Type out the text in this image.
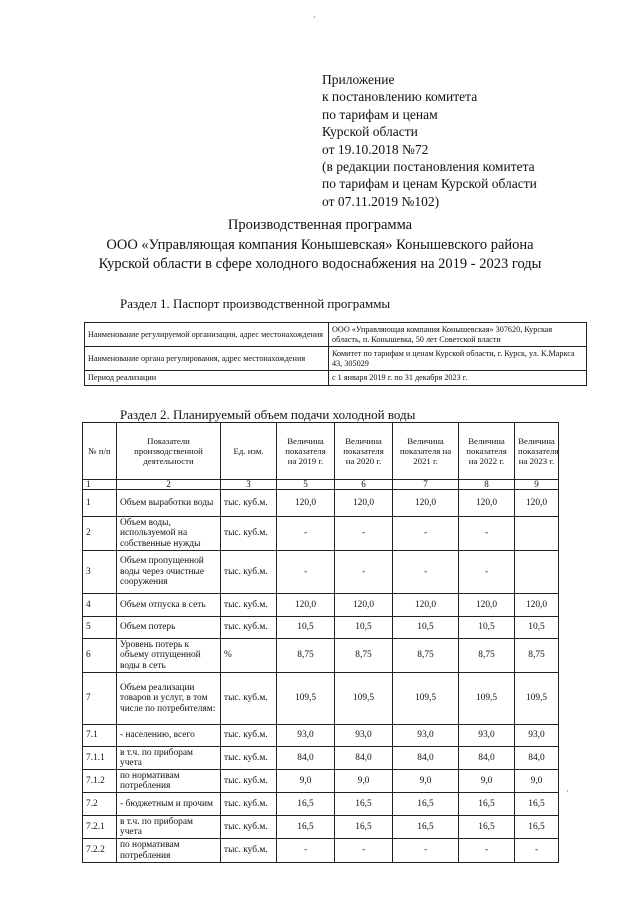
Приложение
к постановлению комитета
по тарифам и ценам
Курской области
от 19.10.2018 №72
(в редакции постановления комитета
по тарифам и ценам Курской области
от 07.11.2019 №102)
Производственная программа
ООО «Управляющая компания Конышевская» Конышевского района
Курской области в сфере холодного водоснабжения на 2019 - 2023 годы
Раздел 1. Паспорт производственной программы
Наименование регулируемой организации, адрес местонахождения	ООО «Управляющая компания Конышевская» 307620, Курская область, п. Конышевка, 50 лет Советской власти
Наименование органа регулирования, адрес местонахождения	Комитет по тарифам и ценам Курской области, г. Курск, ул. К.Маркса 43, 305029
Период реализации	с 1 января 2019 г. по 31 декабря 2023 г.
Раздел 2. Планируемый объем подачи холодной воды
№ п/п	Показатели производственной деятельности	Ед. изм.	Величина показателя на 2019 г.	Величина показателя на 2020 г.	Величина показателя на 2021 г.	Величина показателя на 2022 г.	Величина показателя на 2023 г.
1	2	3	5	6	7	8	9
1	Объем выработки воды	тыс. куб.м.	120,0	120,0	120,0	120,0	120,0
2	Объем воды, используемой на собственные нужды	тыс. куб.м.	-	-	-	-	
3	Объем пропущенной воды через очистные сооружения	тыс. куб.м.	-	-	-	-	
4	Объем отпуска в сеть	тыс. куб.м.	120,0	120,0	120,0	120,0	120,0
5	Объем потерь	тыс. куб.м.	10,5	10,5	10,5	10,5	10,5
6	Уровень потерь к объему отпущенной воды в сеть	%	8,75	8,75	8,75	8,75	8,75
7	Объем реализации товаров и услуг, в том числе по потребителям:	тыс. куб.м.	109,5	109,5	109,5	109,5	109,5
7.1	- населению, всего	тыс. куб.м.	93,0	93,0	93,0	93,0	93,0
7.1.1	в т.ч. по приборам учета	тыс. куб.м.	84,0	84,0	84,0	84,0	84,0
7.1.2	по нормативам потребления	тыс. куб.м.	9,0	9,0	9,0	9,0	9,0
7.2	- бюджетным и прочим	тыс. куб.м.	16,5	16,5	16,5	16,5	16,5
7.2.1	в т.ч. по приборам учета	тыс. куб.м.	16,5	16,5	16,5	16,5	16,5
7.2.2	по нормативам потребления	тыс. куб.м.	-	-	-	-	-
·
·
